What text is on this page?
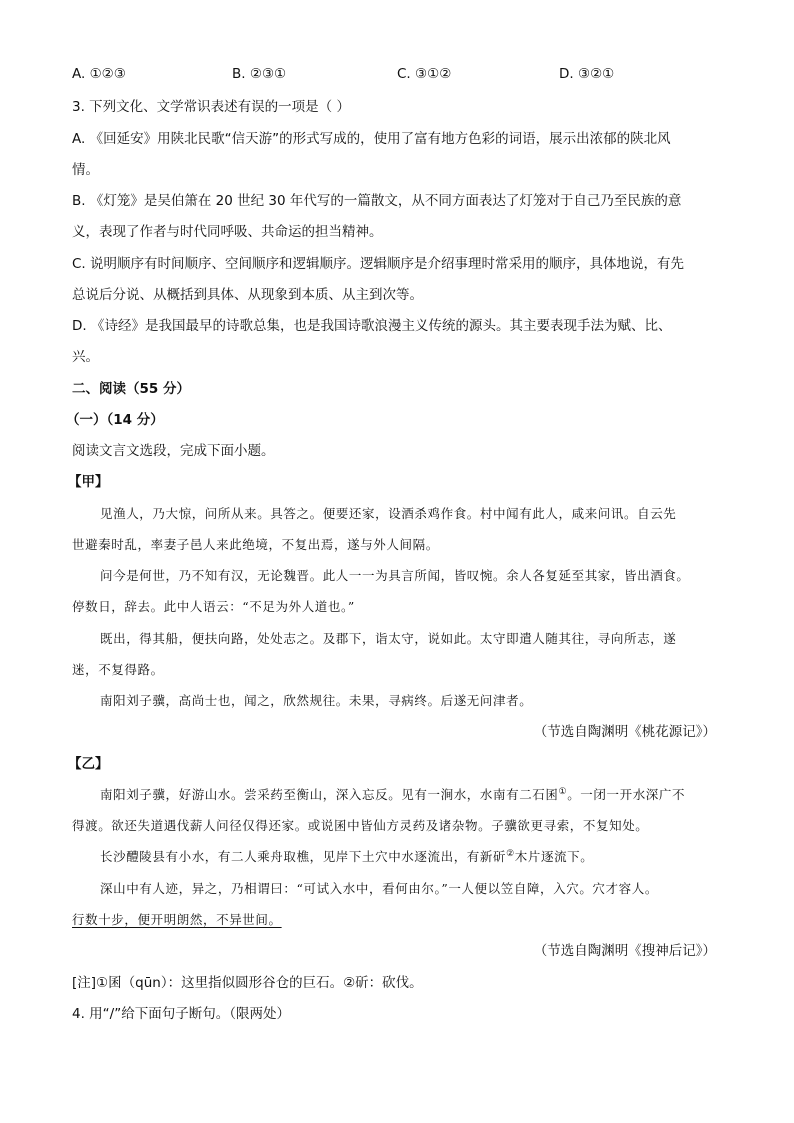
A. ①②③	B. ②③①	C. ③①②	D. ③②①
3. 下列文化、文学常识表述有误的一项是（ ）
A. 《回延安》用陕北民歌“信天游”的形式写成的，使用了富有地方色彩的词语，展示出浓郁的陕北风
情。
B. 《灯笼》是吴伯箫在 20 世纪 30 年代写的一篇散文，从不同方面表达了灯笼对于自己乃至民族的意
义，表现了作者与时代同呼吸、共命运的担当精神。
C. 说明顺序有时间顺序、空间顺序和逻辑顺序。逻辑顺序是介绍事理时常采用的顺序，具体地说，有先
总说后分说、从概括到具体、从现象到本质、从主到次等。
D. 《诗经》是我国最早的诗歌总集，也是我国诗歌浪漫主义传统的源头。其主要表现手法为赋、比、
兴。
二、阅读（55 分）
（一）（14 分）
阅读文言文选段，完成下面小题。
【甲】
见渔人，乃大惊，问所从来。具答之。便要还家，设酒杀鸡作食。村中闻有此人，咸来问讯。自云先
世避秦时乱，率妻子邑人来此绝境，不复出焉，遂与外人间隔。
问今是何世，乃不知有汉，无论魏晋。此人一一为具言所闻，皆叹惋。余人各复延至其家，皆出酒食。
停数日，辞去。此中人语云：“不足为外人道也。”
既出，得其船，便扶向路，处处志之。及郡下，诣太守，说如此。太守即遣人随其往，寻向所志，遂
迷，不复得路。
南阳刘子骥，高尚士也，闻之，欣然规往。未果，寻病终。后遂无问津者。
（节选自陶渊明《桃花源记》）
【乙】
南阳刘子骥，好游山水。尝采药至衡山，深入忘反。见有一涧水，水南有二石囷①。一闭一开水深广不
得渡。欲还失道遇伐薪人问径仅得还家。或说囷中皆仙方灵药及诸杂物。子骥欲更寻索，不复知处。
长沙醴陵县有小水，有二人乘舟取樵，见岸下土穴中水逐流出，有新斫②木片逐流下。
深山中有人迹，异之，乃相谓曰：“可试入水中，看何由尔。”一人便以笠自障，入穴。穴才容人。
行数十步，便开明朗然，不异世间。
（节选自陶渊明《搜神后记》）
[注]①囷（qūn）：这里指似圆形谷仓的巨石。②斫：砍伐。
4. 用“/”给下面句子断句。（限两处）
